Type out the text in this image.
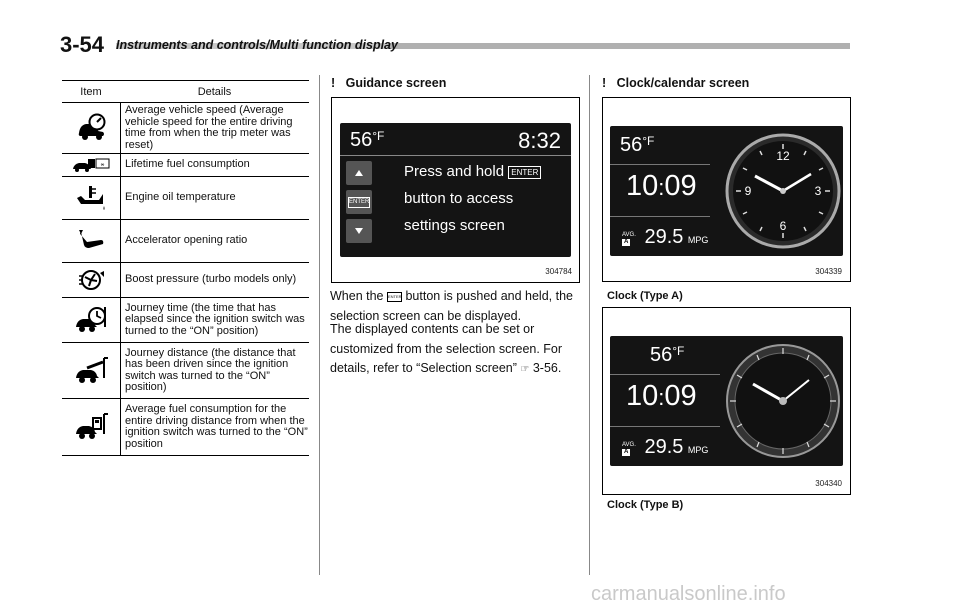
3-54 Instruments and controls/Multi function display
Item	Details
Average vehicle speed (Average vehicle speed for the entire driving time from when the trip meter was reset)
∞	Lifetime fuel consumption
Engine oil temperature
Accelerator opening ratio
Boost pressure (turbo models only)
Journey time (the time that has elapsed since the ignition switch was turned to the “ON” position)
Journey distance (the distance that has been driven since the ignition switch was turned to the “ON” position)
Average fuel consumption for the entire driving distance from when the ignition switch was turned to the “ON” position
! Guidance screen
$56^{^\circ F}$	8:32
ENTER
Press and hold ENTER
button to access
settings screen
304784
When the ENTER button is pushed and held, the selection screen can be displayed.
The displayed contents can be set or customized from the selection screen. For details, refer to “Selection screen” ☞ 3-56.
! Clock/calendar screen
$56^{^\circ F}$
10:09
AVG.
A 29.5 MPG
12
3
6
9
304339
Clock (Type A)
$56^{^\circ F}$
10:09
AVG.
A 29.5 MPG
304340
Clock (Type B)
carmanualsonline.info
